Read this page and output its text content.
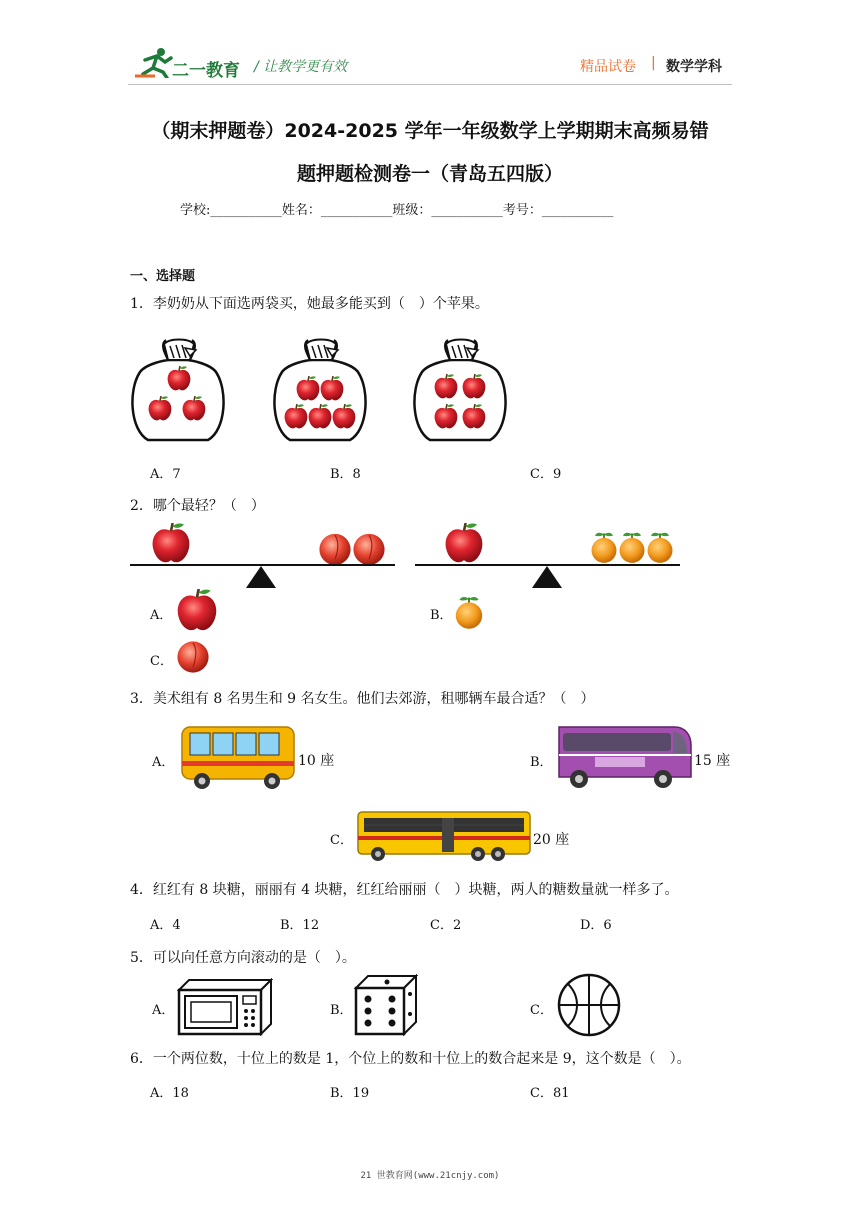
二一教育 / 让教学更有效	精品试卷 | 数学学科
（期末押题卷）2024-2025 学年一年级数学上学期期末高频易错
题押题检测卷一（青岛五四版）
学校:___________姓名：___________班级：___________考号：___________
一、选择题
1．李奶奶从下面选两袋买，她最多能买到（　）个苹果。
A．7	B．8	C．9
2．哪个最轻？（　）
A．	B．
C．
3．美术组有 8 名男生和 9 名女生。他们去郊游，租哪辆车最合适？（　）
A．	10 座	B．	15 座
C．	20 座
4．红红有 8 块糖，丽丽有 4 块糖，红红给丽丽（　）块糖，两人的糖数量就一样多了。
A．4	B．12	C．2	D．6
5．可以向任意方向滚动的是（　）。
A．	B．	C．
6．一个两位数，十位上的数是 1，个位上的数和十位上的数合起来是 9，这个数是（　）。
A．18	B．19	C．81
21 世教育网(www.21cnjy.com)
